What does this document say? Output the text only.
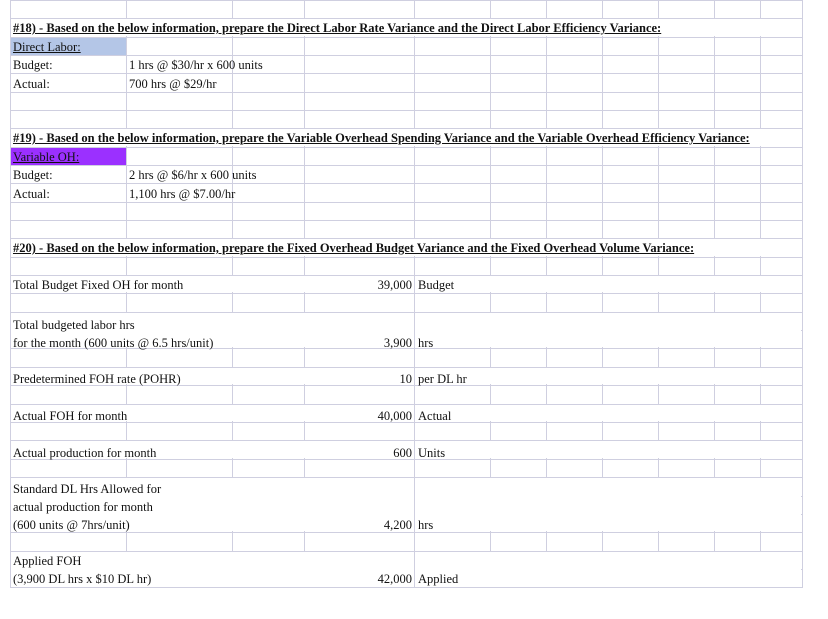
#18) - Based on the below information, prepare the Direct Labor Rate Variance and the Direct Labor Efficiency Variance:
Direct Labor:
Budget:	1 hrs @ $30/hr x 600 units
Actual:	700 hrs @ $29/hr
#19) - Based on the below information, prepare the Variable Overhead Spending Variance and the Variable Overhead Efficiency Variance:
Variable OH:
Budget:	2 hrs @ $6/hr x 600 units
Actual:	1,100 hrs @ $7.00/hr
#20) - Based on the below information, prepare the Fixed Overhead Budget Variance and the Fixed Overhead Volume Variance:
Total Budget Fixed OH for month	39,000 Budget
Total budgeted labor hrs
for the month (600 units @ 6.5 hrs/unit)	3,900 hrs
Predetermined FOH rate (POHR)	10 per DL hr
Actual FOH for month	40,000 Actual
Actual production for month	600 Units
Standard DL Hrs Allowed for
actual production for month
(600 units @ 7hrs/unit)	4,200 hrs
Applied FOH
(3,900 DL hrs x $10 DL hr)	42,000 Applied
